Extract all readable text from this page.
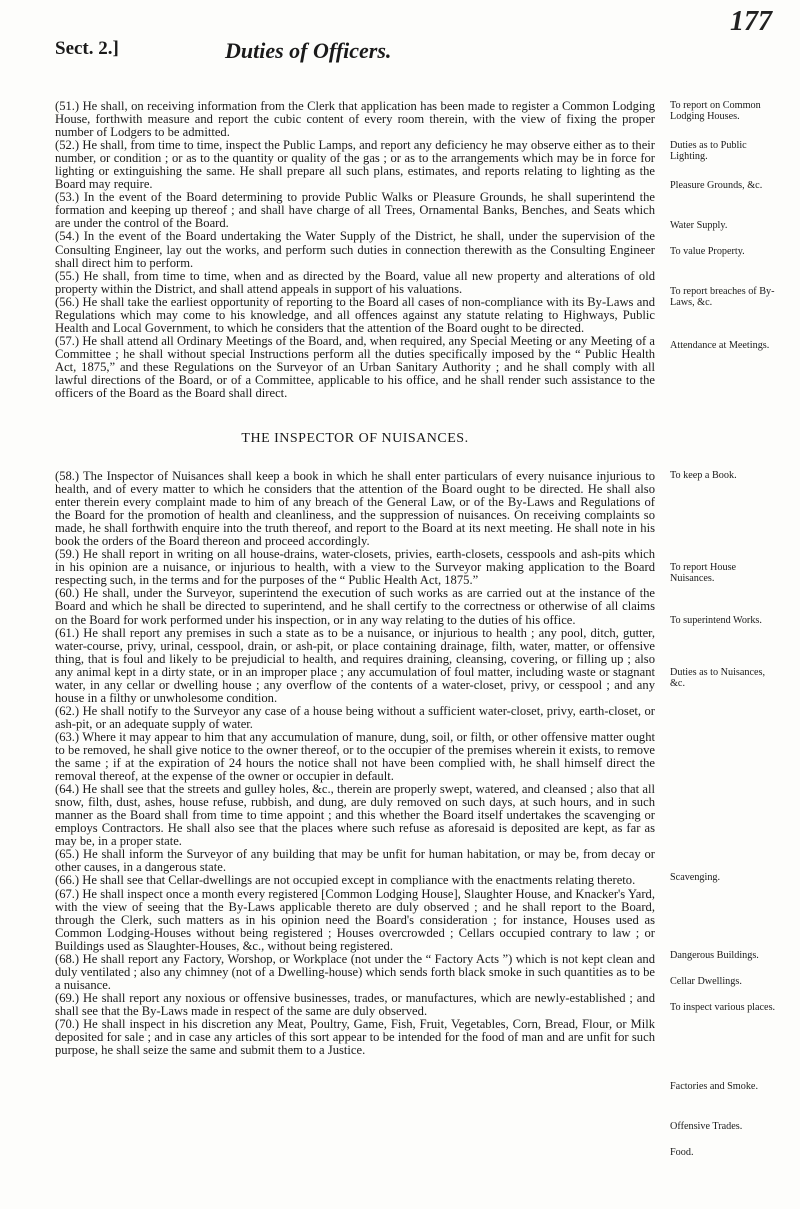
177
Sect. 2.]	Duties of Officers.

(51.) He shall, on receiving information from the Clerk that application has been made to register a Common Lodging House, forthwith measure and report the cubic content of every room therein, with the view of fixing the proper number of Lodgers to be admitted.

(52.) He shall, from time to time, inspect the Public Lamps, and report any deficiency he may observe either as to their number, or condition ; or as to the quantity or quality of the gas ; or as to the arrangements which may be in force for lighting or extinguishing the same. He shall prepare all such plans, estimates, and reports relating to lighting as the Board may require.

(53.) In the event of the Board determining to provide Public Walks or Pleasure Grounds, he shall superintend the formation and keeping up thereof ; and shall have charge of all Trees, Ornamental Banks, Benches, and Seats which are under the control of the Board.

(54.) In the event of the Board undertaking the Water Supply of the District, he shall, under the supervision of the Consulting Engineer, lay out the works, and perform such duties in connection therewith as the Consulting Engineer shall direct him to perform.

(55.) He shall, from time to time, when and as directed by the Board, value all new property and alterations of old property within the District, and shall attend appeals in support of his valuations.

(56.) He shall take the earliest opportunity of reporting to the Board all cases of non-compliance with its By-Laws and Regulations which may come to his knowledge, and all offences against any statute relating to Highways, Public Health and Local Government, to which he considers that the attention of the Board ought to be directed.

(57.) He shall attend all Ordinary Meetings of the Board, and, when required, any Special Meeting or any Meeting of a Committee ; he shall without special Instructions perform all the duties specifically imposed by the “ Public Health Act, 1875,” and these Regulations on the Surveyor of an Urban Sanitary Authority ; and he shall comply with all lawful directions of the Board, or of a Committee, applicable to his office, and he shall render such assistance to the officers of the Board as the Board shall direct.

To report on Common Lodging Houses.
Duties as to Public Lighting.
Pleasure Grounds, &c.
Water Supply.
To value Property.
To report breaches of By-Laws, &c.
Attendance at Meetings.
THE INSPECTOR OF NUISANCES.

(58.) The Inspector of Nuisances shall keep a book in which he shall enter particulars of every nuisance injurious to health, and of every matter to which he considers that the attention of the Board ought to be directed. He shall also enter therein every complaint made to him of any breach of the General Law, or of the By-Laws and Regulations of the Board for the promotion of health and cleanliness, and the suppression of nuisances. On receiving complaints so made, he shall forthwith enquire into the truth thereof, and report to the Board at its next meeting. He shall note in his book the orders of the Board thereon and proceed accordingly.

(59.) He shall report in writing on all house-drains, water-closets, privies, earth-closets, cesspools and ash-pits which in his opinion are a nuisance, or injurious to health, with a view to the Surveyor making application to the Board respecting such, in the terms and for the purposes of the “ Public Health Act, 1875.”

(60.) He shall, under the Surveyor, superintend the execution of such works as are carried out at the instance of the Board and which he shall be directed to superintend, and he shall certify to the correctness or otherwise of all claims on the Board for work performed under his inspection, or in any way relating to the duties of his office.

(61.) He shall report any premises in such a state as to be a nuisance, or injurious to health ; any pool, ditch, gutter, water-course, privy, urinal, cesspool, drain, or ash-pit, or place containing drainage, filth, water, matter, or offensive thing, that is foul and likely to be prejudicial to health, and requires draining, cleansing, covering, or filling up ; also any animal kept in a dirty state, or in an improper place ; any accumulation of foul matter, including waste or stagnant water, in any cellar or dwelling house ; any overflow of the contents of a water-closet, privy, or cesspool ; and any house in a filthy or unwholesome condition.

(62.) He shall notify to the Surveyor any case of a house being without a sufficient water-closet, privy, earth-closet, or ash-pit, or an adequate supply of water.

(63.) Where it may appear to him that any accumulation of manure, dung, soil, or filth, or other offensive matter ought to be removed, he shall give notice to the owner thereof, or to the occupier of the premises wherein it exists, to remove the same ; if at the expiration of 24 hours the notice shall not have been complied with, he shall himself direct the removal thereof, at the expense of the owner or occupier in default.

(64.) He shall see that the streets and gulley holes, &c., therein are properly swept, watered, and cleansed ; also that all snow, filth, dust, ashes, house refuse, rubbish, and dung, are duly removed on such days, at such hours, and in such manner as the Board shall from time to time appoint ; and this whether the Board itself undertakes the scavenging or employs Contractors. He shall also see that the places where such refuse as aforesaid is deposited are kept, as far as may be, in a proper state.

(65.) He shall inform the Surveyor of any building that may be unfit for human habitation, or may be, from decay or other causes, in a dangerous state.

(66.) He shall see that Cellar-dwellings are not occupied except in compliance with the enactments relating thereto.

(67.) He shall inspect once a month every registered [Common Lodging House], Slaughter House, and Knacker's Yard, with the view of seeing that the By-Laws applicable thereto are duly observed ; and he shall report to the Board, through the Clerk, such matters as in his opinion need the Board's consideration ; for instance, Houses used as Common Lodging-Houses without being registered ; Houses overcrowded ; Cellars occupied contrary to law ; or Buildings used as Slaughter-Houses, &c., without being registered.

(68.) He shall report any Factory, Worshop, or Workplace (not under the “ Factory Acts ”) which is not kept clean and duly ventilated ; also any chimney (not of a Dwelling-house) which sends forth black smoke in such quantities as to be a nuisance.

(69.) He shall report any noxious or offensive businesses, trades, or manufactures, which are newly-established ; and shall see that the By-Laws made in respect of the same are duly observed.

(70.) He shall inspect in his discretion any Meat, Poultry, Game, Fish, Fruit, Vegetables, Corn, Bread, Flour, or Milk deposited for sale ; and in case any articles of this sort appear to be intended for the food of man and are unfit for such purpose, he shall seize the same and submit them to a Justice.

To keep a Book.
To report House Nuisances.
To superintend Works.
Duties as to Nuisances, &c.
Scavenging.
Dangerous Buildings.
Cellar Dwellings.
To inspect various places.
Factories and Smoke.
Offensive Trades.
Food.
